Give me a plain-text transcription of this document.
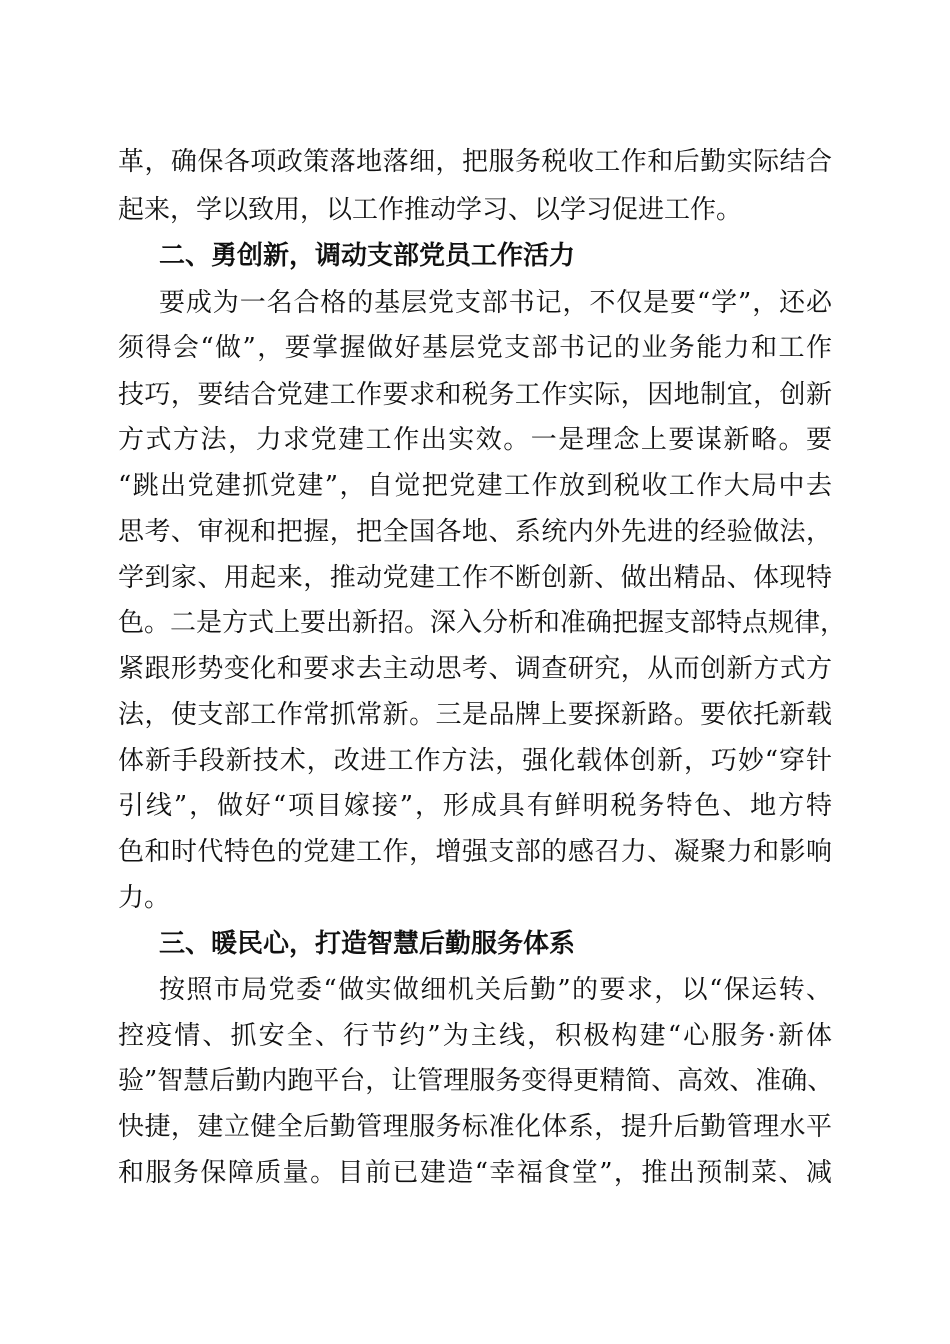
革，确保各项政策落地落细，把服务税收工作和后勤实际结合
起来，学以致用，以工作推动学习、以学习促进工作。
二、勇创新，调动支部党员工作活力
要成为一名合格的基层党支部书记，不仅是要“学”，还必
须得会“做”，要掌握做好基层党支部书记的业务能力和工作
技巧，要结合党建工作要求和税务工作实际，因地制宜，创新
方式方法，力求党建工作出实效。一是理念上要谋新略。要
“跳出党建抓党建”，自觉把党建工作放到税收工作大局中去
思考、审视和把握，把全国各地、系统内外先进的经验做法，
学到家、用起来，推动党建工作不断创新、做出精品、体现特
色。二是方式上要出新招。深入分析和准确把握支部特点规律，
紧跟形势变化和要求去主动思考、调查研究，从而创新方式方
法，使支部工作常抓常新。三是品牌上要探新路。要依托新载
体新手段新技术，改进工作方法，强化载体创新，巧妙“穿针
引线”，做好“项目嫁接”，形成具有鲜明税务特色、地方特
色和时代特色的党建工作，增强支部的感召力、凝聚力和影响
力。
三、暖民心，打造智慧后勤服务体系
按照市局党委“做实做细机关后勤”的要求，以“保运转、
控疫情、抓安全、行节约”为主线，积极构建“心服务·新体
验”智慧后勤内跑平台，让管理服务变得更精简、高效、准确、
快捷，建立健全后勤管理服务标准化体系，提升后勤管理水平
和服务保障质量。目前已建造“幸福食堂”，推出预制菜、减
